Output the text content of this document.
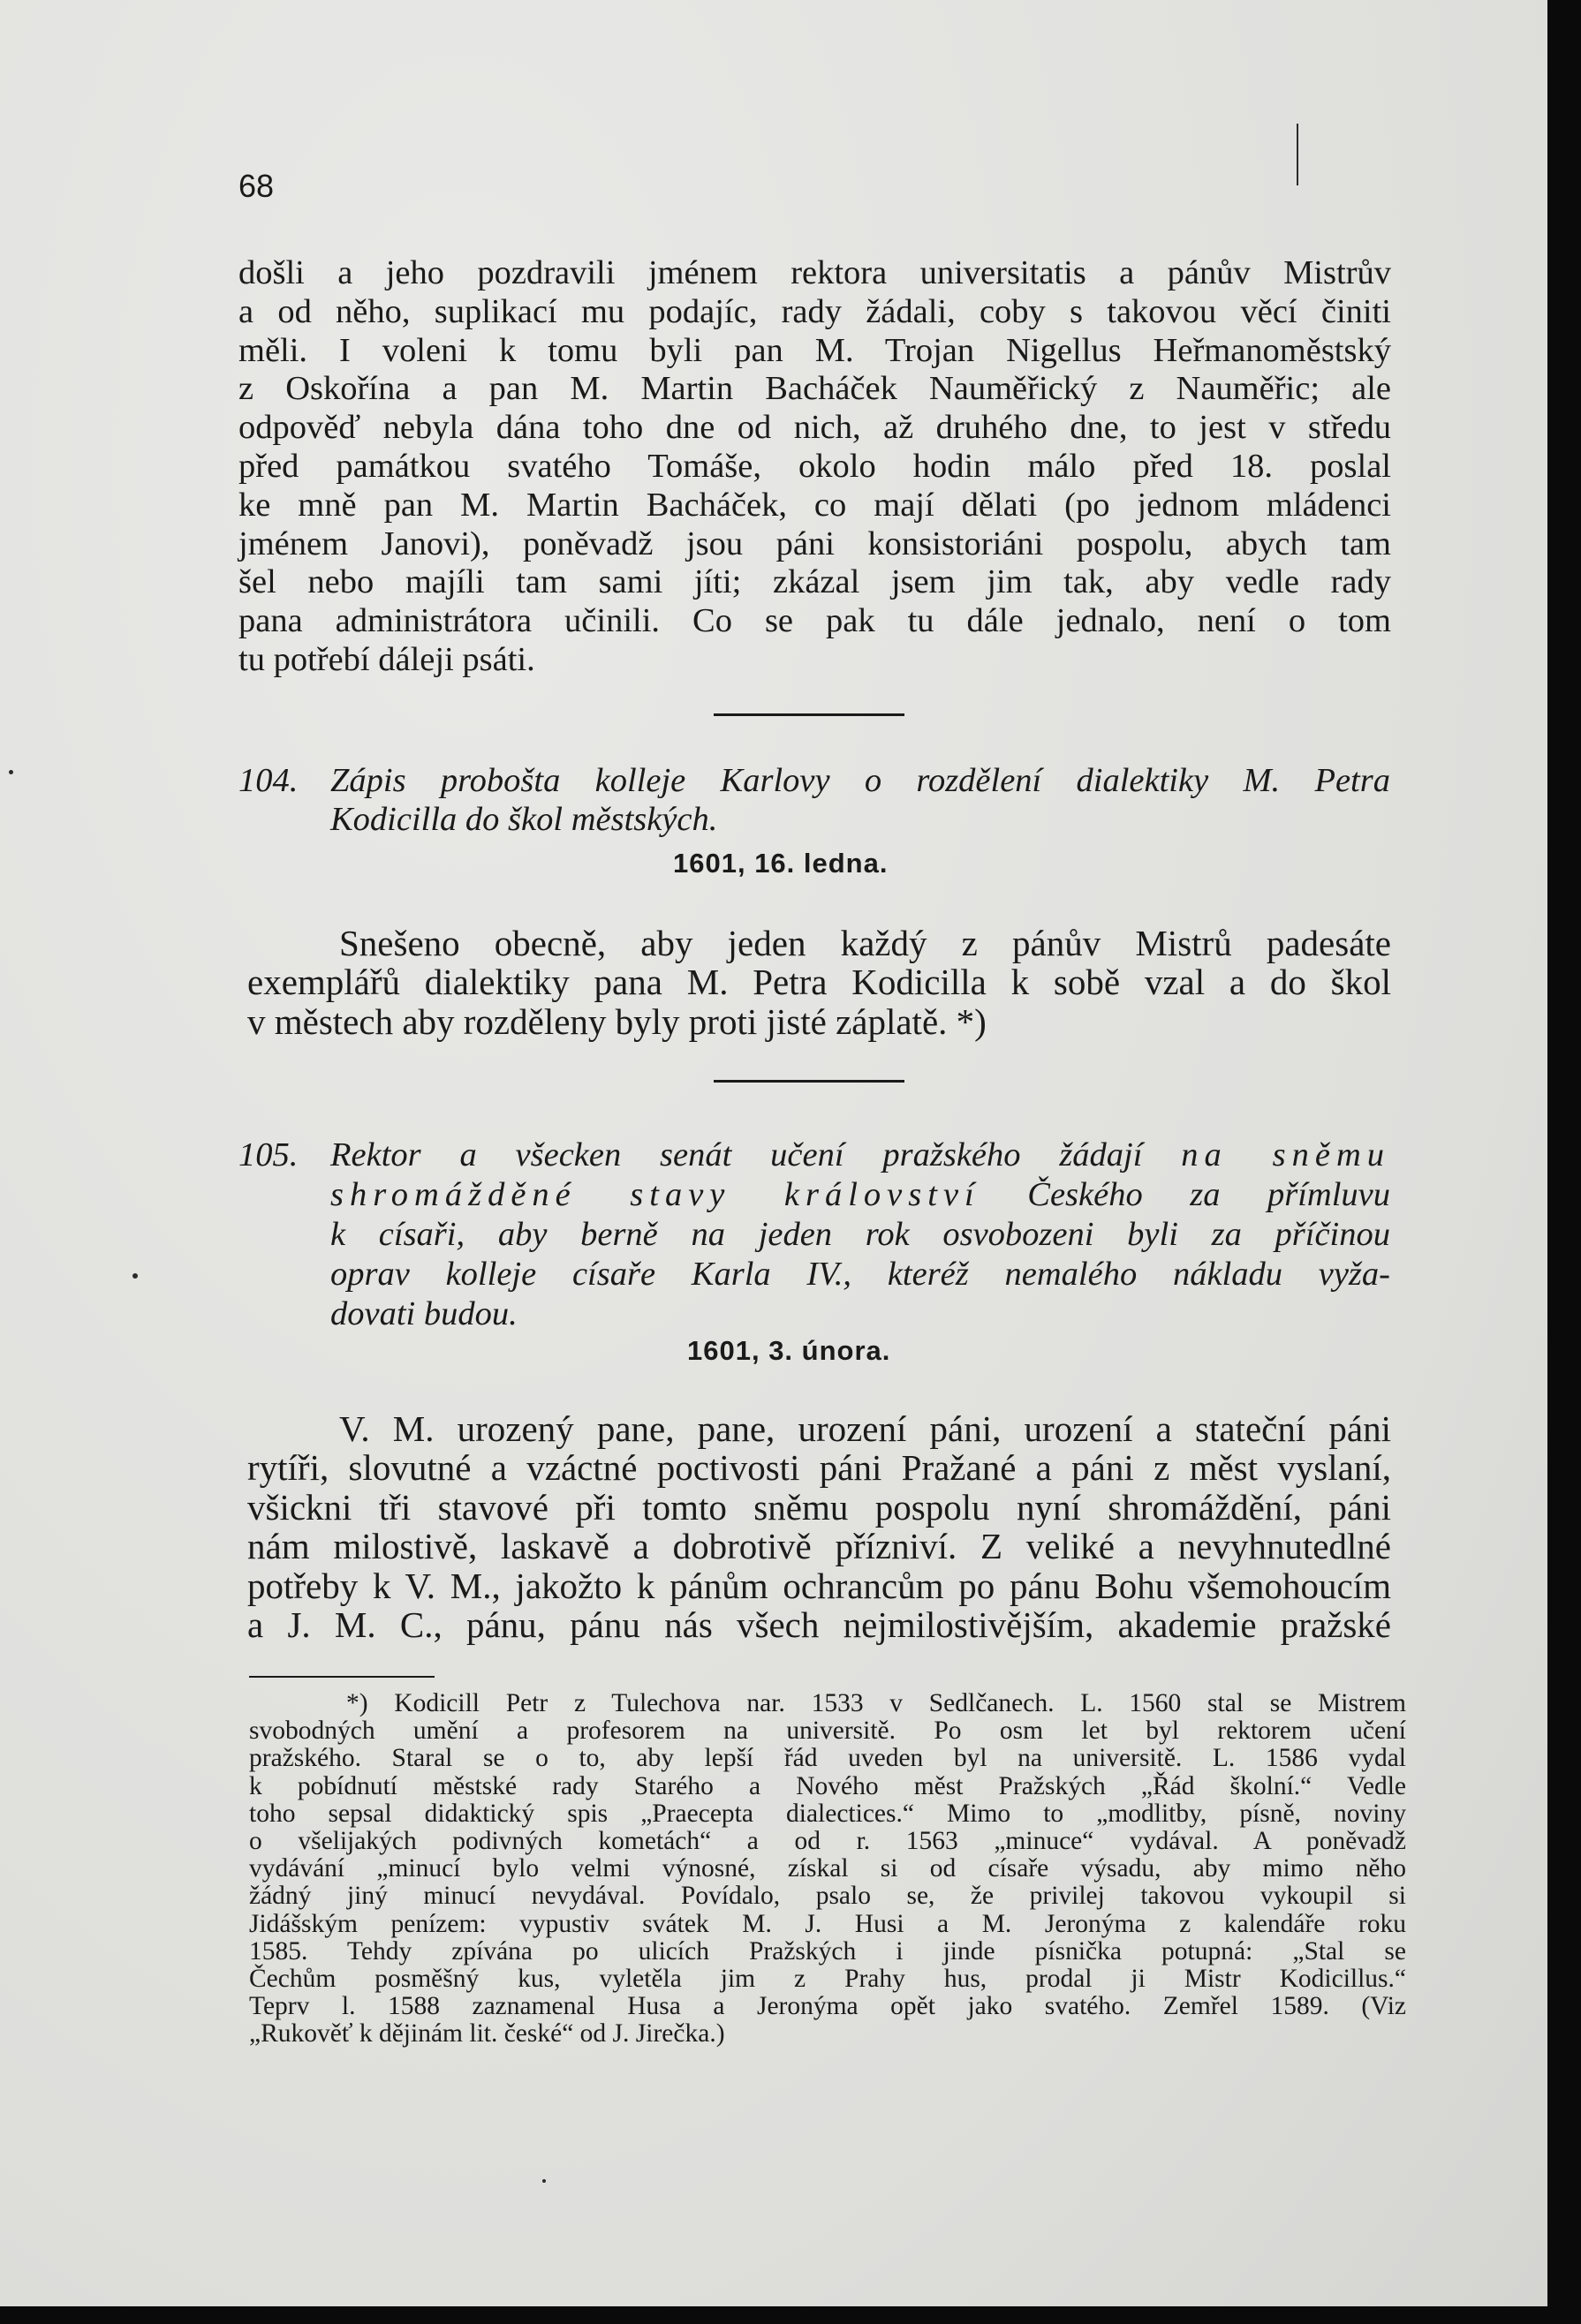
68
došli a jeho pozdravili jménem rektora universitatis a pánův Mistrův
a od něho, suplikací mu podajíc, rady žádali, coby s takovou věcí činiti
měli. I voleni k tomu byli pan M. Trojan Nigellus Heřmanoměstský
z Oskořína a pan M. Martin Bacháček Nauměřický z Nauměřic; ale
odpověď nebyla dána toho dne od nich, až druhého dne, to jest v středu
před památkou svatého Tomáše, okolo hodin málo před 18. poslal
ke mně pan M. Martin Bacháček, co mají dělati (po jednom mládenci
jménem Janovi), poněvadž jsou páni konsistoriáni pospolu, abych tam
šel nebo majíli tam sami jíti; zkázal jsem jim tak, aby vedle rady
pana administrátora učinili. Co se pak tu dále jednalo, není o tom
tu potřebí dáleji psáti.
104. Zápis probošta kolleje Karlovy o rozdělení dialektiky M. Petra
Kodicilla do škol městských.
1601, 16. ledna.
Snešeno obecně, aby jeden každý z pánův Mistrů padesáte
exemplářů dialektiky pana M. Petra Kodicilla k sobě vzal a do škol
v městech aby rozděleny byly proti jisté záplatě. *)
105. Rektor a všecken senát učení pražského žádají na sněmu
shromážděné stavy království Českého za přímluvu
k císaři, aby berně na jeden rok osvobozeni byli za příčinou
oprav kolleje císaře Karla IV., kteréž nemalého nákladu vyža-
dovati budou.
1601, 3. února.
V. M. urozený pane, pane, urození páni, urození a stateční páni
rytíři, slovutné a vzáctné poctivosti páni Pražané a páni z měst vyslaní,
všickni tři stavové při tomto sněmu pospolu nyní shromáždění, páni
nám milostivě, laskavě a dobrotivě přízniví. Z veliké a nevyhnutedlné
potřeby k V. M., jakožto k pánům ochrancům po pánu Bohu všemohoucím
a J. M. C., pánu, pánu nás všech nejmilostivějším, akademie pražské
*) Kodicill Petr z Tulechova nar. 1533 v Sedlčanech. L. 1560 stal se Mistrem
svobodných umění a profesorem na universitě. Po osm let byl rektorem učení
pražského. Staral se o to, aby lepší řád uveden byl na universitě. L. 1586 vydal
k pobídnutí městské rady Starého a Nového měst Pražských „Řád školní.“ Vedle
toho sepsal didaktický spis „Praecepta dialectices.“ Mimo to „modlitby, písně, noviny
o všelijakých podivných kometách“ a od r. 1563 „minuce“ vydával. A poněvadž
vydávání „minucí bylo velmi výnosné, získal si od císaře výsadu, aby mimo něho
žádný jiný minucí nevydával. Povídalo, psalo se, že privilej takovou vykoupil si
Jidášským penízem: vypustiv svátek M. J. Husi a M. Jeronýma z kalendáře roku
1585. Tehdy zpívána po ulicích Pražských i jinde písnička potupná: „Stal se
Čechům posměšný kus, vyletěla jim z Prahy hus, prodal ji Mistr Kodicillus.“
Teprv l. 1588 zaznamenal Husa a Jeronýma opět jako svatého. Zemřel 1589. (Viz
„Rukověť k dějinám lit. české“ od J. Jirečka.)
